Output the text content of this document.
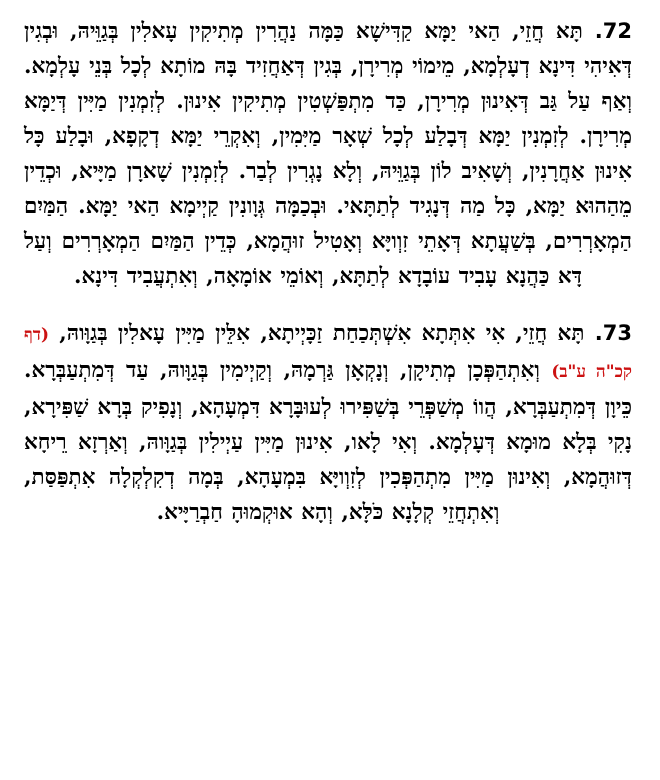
72. תָּא חֲזֵי, הַאי יַמָּא קַדִּישָׁא כַּמָּה נַהֲרִין מְתִיקִין עָאלִין בְּגַוֵּיהּ, וּבְגִין דְּאִיהִי דִּינָא דְעָלְמָא, מֵימוֹי מְרִירָן, בְּגִין דְּאַחֲזִיד בָּהּ מוֹתָא לְכָל בְּנֵי עָלְמָא. וְאַף עַל גַּב דְּאִינוּן מְרִירָן, כַּד מִתְפַּשְׁטִין מְתִיקִין אִינוּן. לְזִמְנִין מַיִּין דְּיַמָּא מְרִירָן. לְזִמְנִין יַמָּא דְּבָלַע לְכָל שְׁאָר מַיִּמִין, וְאִקְרֵי יַמָּא דְקָפָא, וּבָלַע כָּל אִינוּן אַחֲרָנִין, וְשָׁאִיב לוֹן בְּגַוֵּיהּ, וְלָא נָגְרִין לְבַר. לְזִמְנִין שָׁארָן מַיָּיא, וּכְדֵין מֵהַהוּא יַמָּא, כָּל מַה דְּנָגִיד לְתַתָּאי. וּבְכַמָּה גְּוָונִין קַיְימָא הַאי יַמָּא. הַמַּיִם הַמְאָרְרִים, בְּשַׁעֲתָא דְּאָתֵי זִוְויָּא וְאָטִיל זוּהֲמָא, כְּדֵין הַמַּיִם הַמְאָרְרִים וְעַל דָּא כַּהֲנָא עָבִיד עוֹבָדָא לְתַתָּא, וְאוֹמֵי אוֹמָאָה, וְאִתְעֲבִיד דִּינָא.

73. תָּא חֲזֵי, אִי אִתְּתָא אִשְׁתְּכַחַת זַכָּיְיתָא, אִלֵּין מַיִּין עָאלִין בְּגַוָּוהּ, (דף קכ"ה ע"ב) וְאִתְהַפְּכָן מְתִיקָן, וְנָקְאָן גַּרְמָהּ, וְקַיְימִין בְּגַוָּוהּ, עַד דְּמִתְעַבְּרָא. כֵּיוָן דְּמִתְעַבְּרָא, הֲווֹ מְשַׁפְּרֵי בְּשַׁפִּירוּ לְעוּבָּרָא דִּמְעָהָא, וְנָפִיק בְּרָא שַׁפִּירָא, נָקִי בְּלָא מוּמָא דְּעָלְמָא. וְאִי לָאו, אִינוּן מַיִּין עַיְילִין בְּגַוָּוהּ, וְאַרְזָא רֵיחָא דְּזוּהֲמָא, וְאִינוּן מַיִּין מִתְהַפְּכִין לְזִוְויָּא בִּמְעָהָא, בְּמָה דְקִלְקְלָה אִתְפַּסַּת, וְאִתְחֲזֵי קְלָנָא כֹּלָּא, וְהָא אוּקְמוּהָ חַבְרַיָּיא.
